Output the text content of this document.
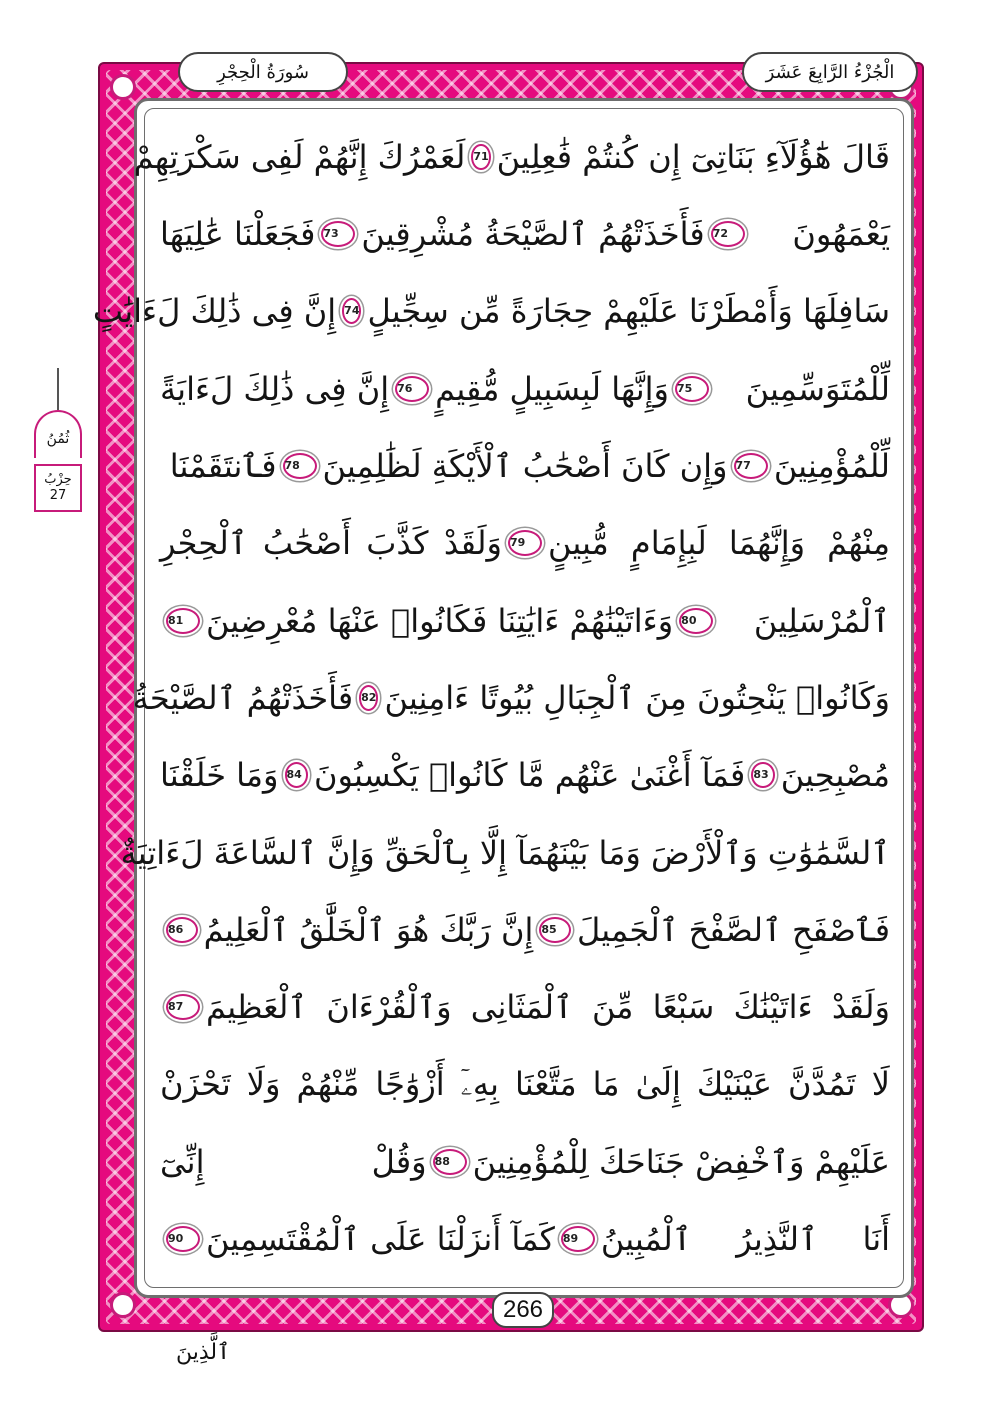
الْجُزْءُ الرَّابِعَ عَشَرَ
سُورَةُ الْحِجْرِ
قَالَ هَٰٓؤُلَآءِ بَنَاتِىٓ إِن كُنتُمْ فَٰعِلِينَ
71
لَعَمْرُكَ إِنَّهُمْ لَفِى سَكْرَتِهِمْ
يَعْمَهُونَ
72
فَأَخَذَتْهُمُ ٱلصَّيْحَةُ مُشْرِقِينَ
73
فَجَعَلْنَا عَٰلِيَهَا
سَافِلَهَا وَأَمْطَرْنَا عَلَيْهِمْ حِجَارَةً مِّن سِجِّيلٍ
74
إِنَّ فِى ذَٰلِكَ لَءَايَٰتٍ
لِّلْمُتَوَسِّمِينَ
75
وَإِنَّهَا لَبِسَبِيلٍ مُّقِيمٍ
76
إِنَّ فِى ذَٰلِكَ لَءَايَةً
لِّلْمُؤْمِنِينَ
77
وَإِن كَانَ أَصْحَٰبُ ٱلْأَيْكَةِ لَظَٰلِمِينَ
78
فَٱنتَقَمْنَا
مِنْهُمْ وَإِنَّهُمَا لَبِإِمَامٍ مُّبِينٍ
79
وَلَقَدْ كَذَّبَ أَصْحَٰبُ ٱلْحِجْرِ
ٱلْمُرْسَلِينَ
80
وَءَاتَيْنَٰهُمْ ءَايَٰتِنَا فَكَانُوا۟ عَنْهَا مُعْرِضِينَ
81
وَكَانُوا۟ يَنْحِتُونَ مِنَ ٱلْجِبَالِ بُيُوتًا ءَامِنِينَ
82
فَأَخَذَتْهُمُ ٱلصَّيْحَةُ
مُصْبِحِينَ
83
فَمَآ أَغْنَىٰ عَنْهُم مَّا كَانُوا۟ يَكْسِبُونَ
84
وَمَا خَلَقْنَا
ٱلسَّمَٰوَٰتِ وَٱلْأَرْضَ وَمَا بَيْنَهُمَآ إِلَّا بِٱلْحَقِّ وَإِنَّ ٱلسَّاعَةَ لَءَاتِيَةٌ
فَٱصْفَحِ ٱلصَّفْحَ ٱلْجَمِيلَ
85
إِنَّ رَبَّكَ هُوَ ٱلْخَلَّٰقُ ٱلْعَلِيمُ
86
وَلَقَدْ ءَاتَيْنَٰكَ سَبْعًا مِّنَ ٱلْمَثَانِى وَٱلْقُرْءَانَ ٱلْعَظِيمَ
87
لَا تَمُدَّنَّ عَيْنَيْكَ إِلَىٰ مَا مَتَّعْنَا بِهِۦٓ أَزْوَٰجًا مِّنْهُمْ وَلَا تَحْزَنْ
عَلَيْهِمْ وَٱخْفِضْ جَنَاحَكَ لِلْمُؤْمِنِينَ
88
وَقُلْ إِنِّىٓ
أَنَا ٱلنَّذِيرُ ٱلْمُبِينُ
89
كَمَآ أَنزَلْنَا عَلَى ٱلْمُقْتَسِمِينَ
90
266
ٱلَّذِينَ
ثُمُنُ
حِزْبُ
27
